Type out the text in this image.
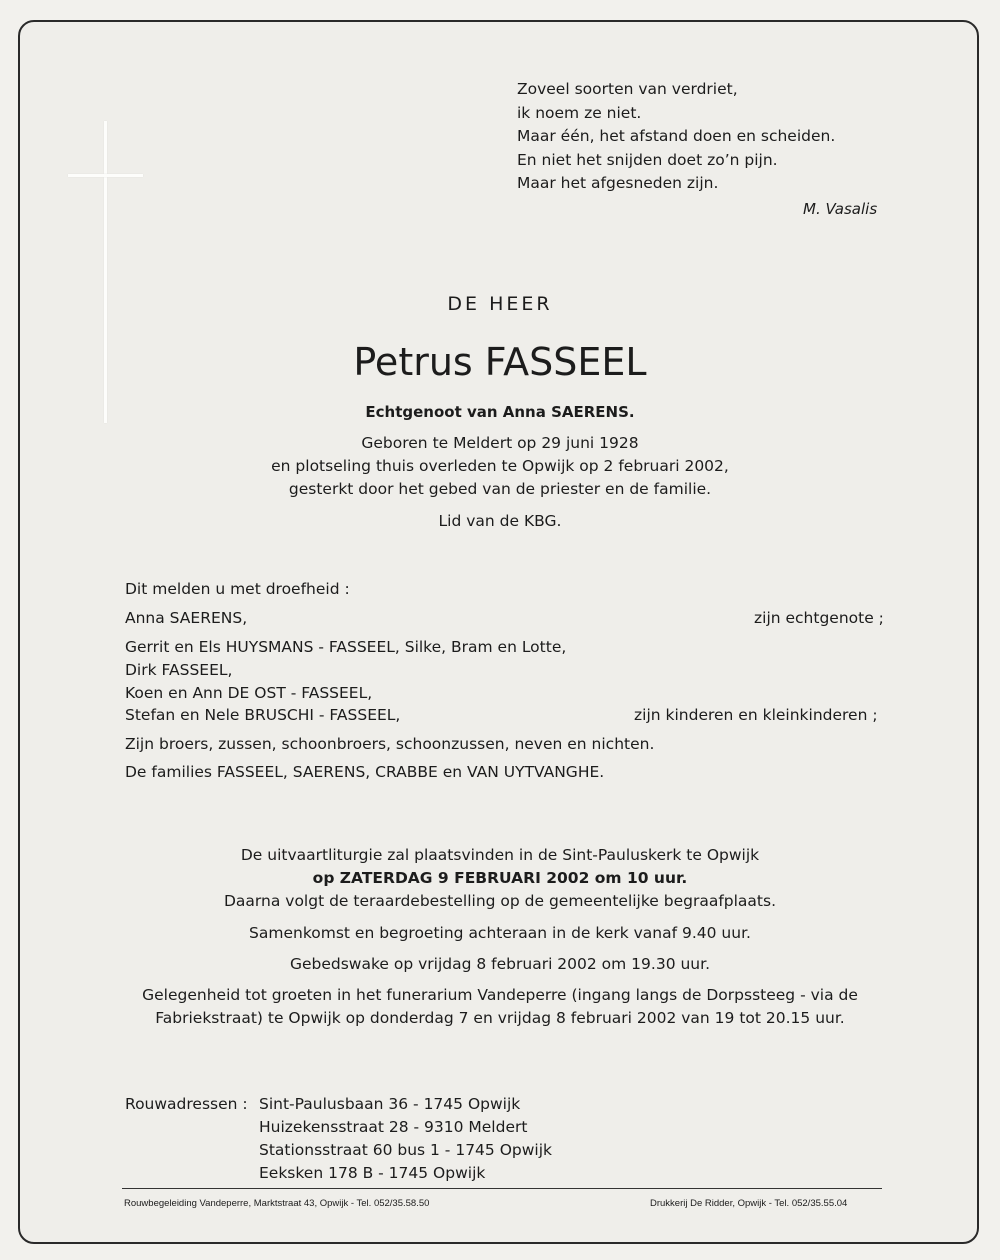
Zoveel soorten van verdriet,
ik noem ze niet.
Maar één, het afstand doen en scheiden.
En niet het snijden doet zo’n pijn.
Maar het afgesneden zijn.
M. Vasalis
DE HEER
Petrus FASSEEL
Echtgenoot van Anna SAERENS.
Geboren te Meldert op 29 juni 1928
en plotseling thuis overleden te Opwijk op 2 februari 2002,
gesterkt door het gebed van de priester en de familie.
Lid van de KBG.
Dit melden u met droefheid :
Anna SAERENS,	zijn echtgenote ;
Gerrit en Els HUYSMANS - FASSEEL, Silke, Bram en Lotte,
Dirk FASSEEL,
Koen en Ann DE OST - FASSEEL,
Stefan en Nele BRUSCHI - FASSEEL,	zijn kinderen en kleinkinderen ;
Zijn broers, zussen, schoonbroers, schoonzussen, neven en nichten.
De families FASSEEL, SAERENS, CRABBE en VAN UYTVANGHE.
De uitvaartliturgie zal plaatsvinden in de Sint-Pauluskerk te Opwijk
op ZATERDAG 9 FEBRUARI 2002 om 10 uur.
Daarna volgt de teraardebestelling op de gemeentelijke begraafplaats.
Samenkomst en begroeting achteraan in de kerk vanaf 9.40 uur.
Gebedswake op vrijdag 8 februari 2002 om 19.30 uur.
Gelegenheid tot groeten in het funerarium Vandeperre (ingang langs de Dorpssteeg - via de
Fabriekstraat) te Opwijk op donderdag 7 en vrijdag 8 februari 2002 van 19 tot 20.15 uur.
Rouwadressen : Sint-Paulusbaan 36 - 1745 Opwijk
Huizekensstraat 28 - 9310 Meldert
Stationsstraat 60 bus 1 - 1745 Opwijk
Eeksken 178 B - 1745 Opwijk
Rouwbegeleiding Vandeperre, Marktstraat 43, Opwijk - Tel. 052/35.58.50	Drukkerij De Ridder, Opwijk - Tel. 052/35.55.04
